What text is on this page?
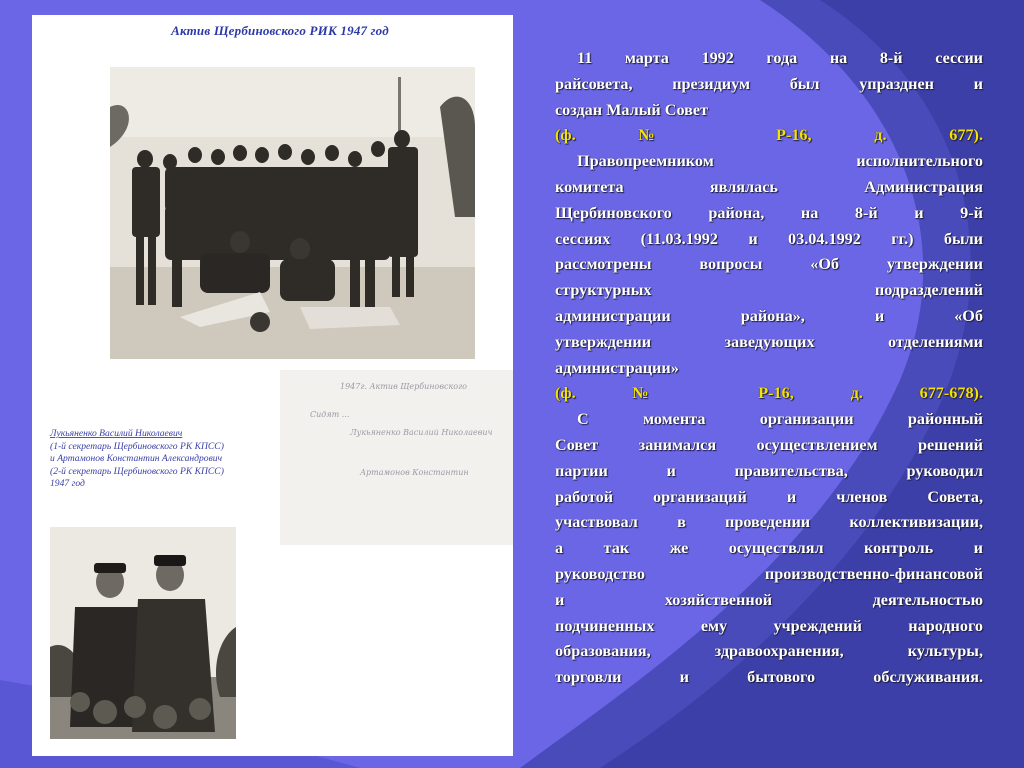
Актив Щербиновского РИК 1947 год
1947г. Актив Щербиновского
Сидят ...
Лукьяненко Василий Николаевич
Артамонов Константин
Лукьяненко Василий Николаевич
(1-й секретарь Щербиновского РК КПСС)
и Артамонов Константин Александрович
(2-й секретарь Щербиновского РК КПСС)
1947 год
11 марта 1992 года на 8-й сессии
райсовета, президиум был упразднен и
создан Малый Совет
(ф. № Р-16, д. 677).
Правопреемником исполнительного
комитета являлась Администрация
Щербиновского района, на 8-й и 9-й
сессиях (11.03.1992 и 03.04.1992 гг.) были
рассмотрены вопросы «Об утверждении
структурных подразделений
администрации района», и «Об
утверждении заведующих отделениями
администрации»
(ф. № Р-16, д. 677-678).
С момента организации районный
Совет занимался осуществлением решений
партии и правительства, руководил
работой организаций и членов Совета,
участвовал в проведении коллективизации,
а так же осуществлял контроль и
руководство производственно-финансовой
и хозяйственной деятельностью
подчиненных ему учреждений народного
образования, здравоохранения, культуры,
торговли и бытового обслуживания.
